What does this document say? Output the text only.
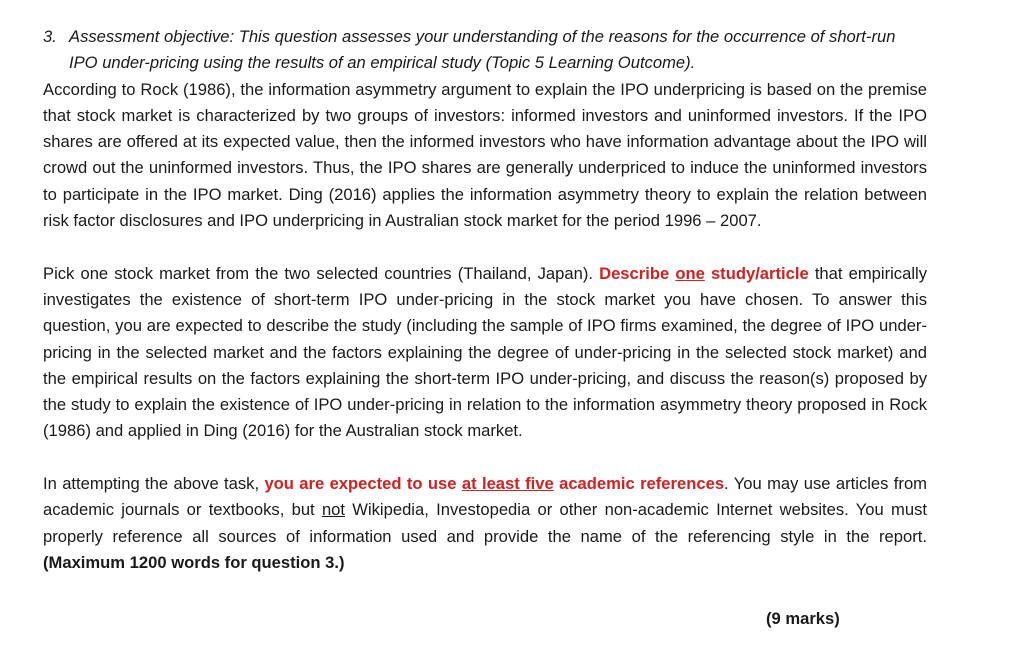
3. Assessment objective: This question assesses your understanding of the reasons for the occurrence of short-run IPO under-pricing using the results of an empirical study (Topic 5 Learning Outcome).

According to Rock (1986), the information asymmetry argument to explain the IPO underpricing is based on the premise that stock market is characterized by two groups of investors: informed investors and uninformed investors. If the IPO shares are offered at its expected value, then the informed investors who have information advantage about the IPO will crowd out the uninformed investors. Thus, the IPO shares are generally underpriced to induce the uninformed investors to participate in the IPO market. Ding (2016) applies the information asymmetry theory to explain the relation between risk factor disclosures and IPO underpricing in Australian stock market for the period 1996 – 2007.

Pick one stock market from the two selected countries (Thailand, Japan). Describe one study/article that empirically investigates the existence of short-term IPO under-pricing in the stock market you have chosen. To answer this question, you are expected to describe the study (including the sample of IPO firms examined, the degree of IPO under-pricing in the selected market and the factors explaining the degree of under-pricing in the selected stock market) and the empirical results on the factors explaining the short-term IPO under-pricing, and discuss the reason(s) proposed by the study to explain the existence of IPO under-pricing in relation to the information asymmetry theory proposed in Rock (1986) and applied in Ding (2016) for the Australian stock market.

In attempting the above task, you are expected to use at least five academic references. You may use articles from academic journals or textbooks, but not Wikipedia, Investopedia or other non-academic Internet websites. You must properly reference all sources of information used and provide the name of the referencing style in the report. (Maximum 1200 words for question 3.)

(9 marks)
